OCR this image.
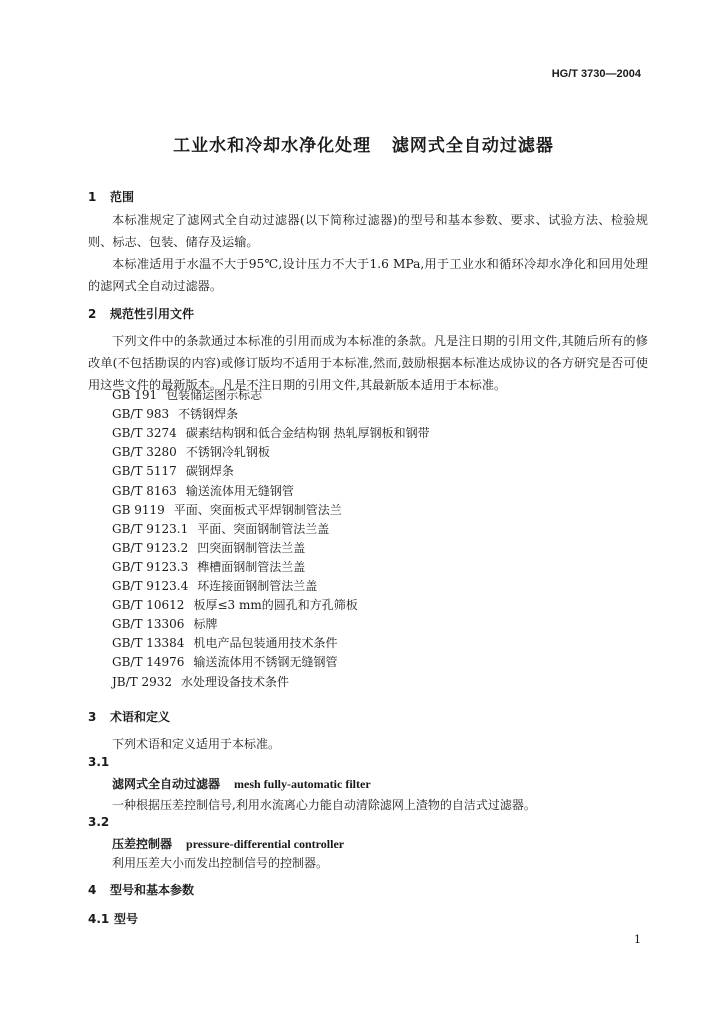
HG/T 3730—2004
工业水和冷却水净化处理   滤网式全自动过滤器
1 范围
本标准规定了滤网式全自动过滤器(以下简称过滤器)的型号和基本参数、要求、试验方法、检验规则、标志、包装、储存及运输。
本标准适用于水温不大于95℃,设计压力不大于1.6 MPa,用于工业水和循环冷却水净化和回用处理的滤网式全自动过滤器。
2 规范性引用文件
下列文件中的条款通过本标准的引用而成为本标准的条款。凡是注日期的引用文件,其随后所有的修改单(不包括勘误的内容)或修订版均不适用于本标准,然而,鼓励根据本标准达成协议的各方研究是否可使用这些文件的最新版本。凡是不注日期的引用文件,其最新版本适用于本标准。
GB 191 包装储运图示标志
GB/T 983 不锈钢焊条
GB/T 3274 碳素结构钢和低合金结构钢 热轧厚钢板和钢带
GB/T 3280 不锈钢冷轧钢板
GB/T 5117 碳钢焊条
GB/T 8163 输送流体用无缝钢管
GB 9119 平面、突面板式平焊钢制管法兰
GB/T 9123.1 平面、突面钢制管法兰盖
GB/T 9123.2 凹突面钢制管法兰盖
GB/T 9123.3 榫槽面钢制管法兰盖
GB/T 9123.4 环连接面钢制管法兰盖
GB/T 10612 板厚≤3 mm的圆孔和方孔筛板
GB/T 13306 标牌
GB/T 13384 机电产品包装通用技术条件
GB/T 14976 输送流体用不锈钢无缝钢管
JB/T 2932 水处理设备技术条件
3 术语和定义
下列术语和定义适用于本标准。
3.1
滤网式全自动过滤器 mesh fully-automatic filter
一种根据压差控制信号,利用水流离心力能自动清除滤网上渣物的自洁式过滤器。
3.2
压差控制器 pressure-differential controller
利用压差大小而发出控制信号的控制器。
4 型号和基本参数
4.1 型号
1
